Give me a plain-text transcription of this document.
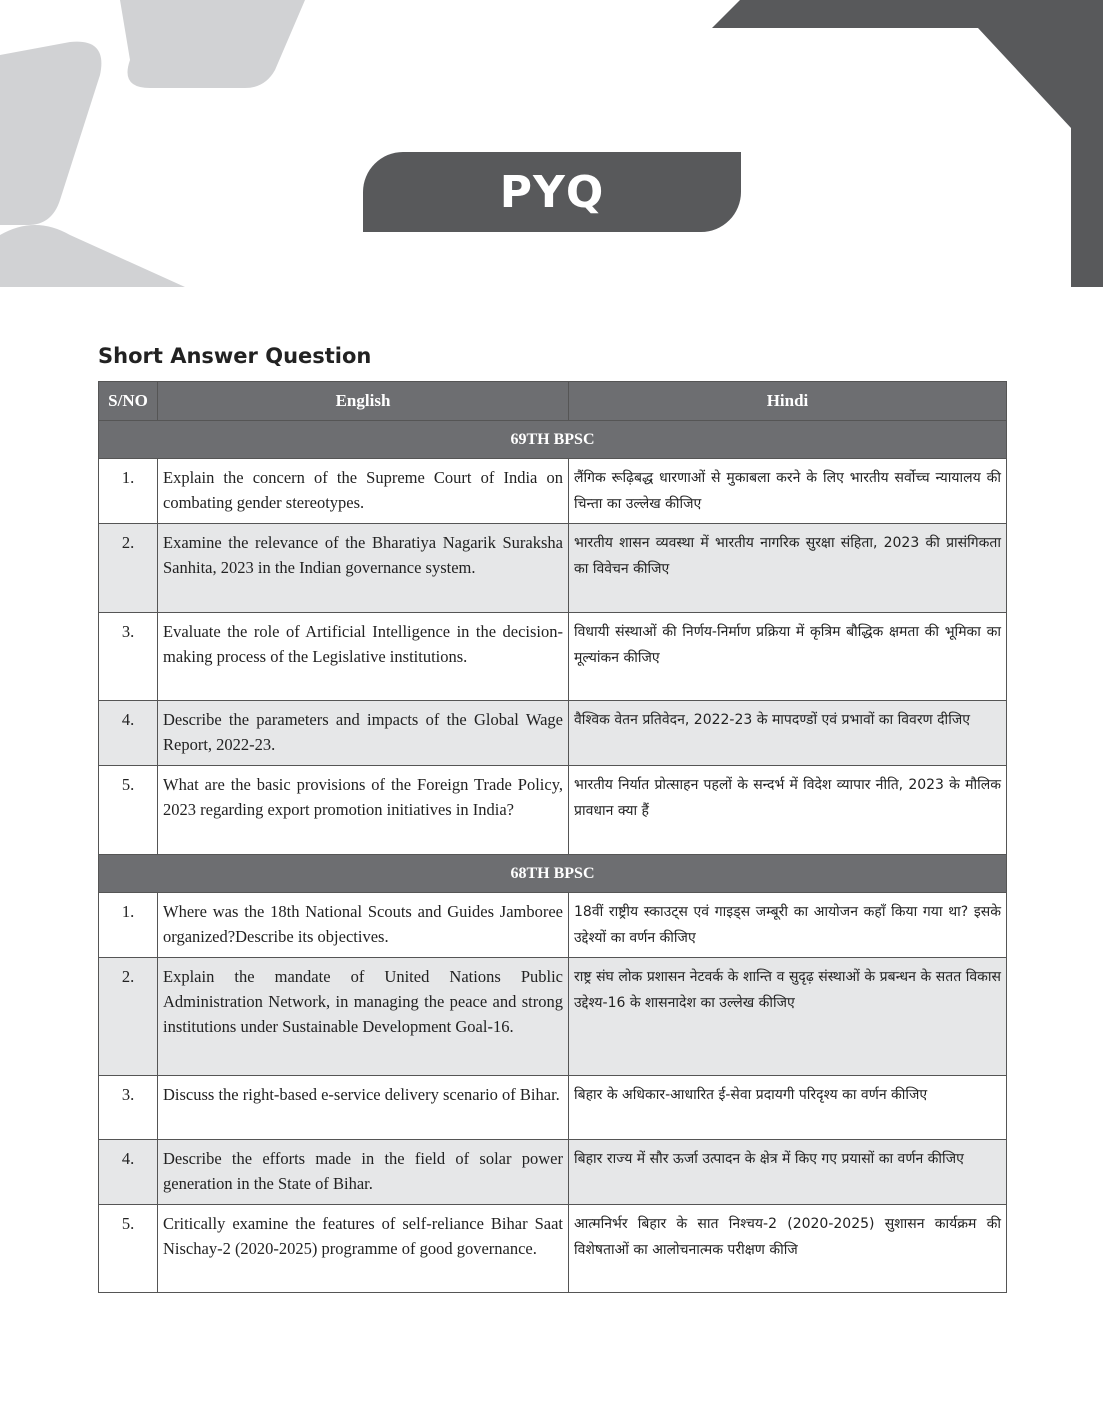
PYQ
Short Answer Question
S/NO	English	Hindi
69TH BPSC		
1.	Explain the concern of the Supreme Court of India on combating gender stereotypes.	लैंगिक रूढ़िबद्ध धारणाओं से मुकाबला करने के लिए भारतीय सर्वोच्च न्यायालय की चिन्ता का उल्लेख कीजिए
2.	Examine the relevance of the Bharatiya Nagarik Suraksha Sanhita, 2023 in the Indian governance system.	भारतीय शासन व्यवस्था में भारतीय नागरिक सुरक्षा संहिता, 2023 की प्रासंगिकता का विवेचन कीजिए
3.	Evaluate the role of Artificial Intelligence in the decision-making process of the Legislative institutions.	विधायी संस्थाओं की निर्णय-निर्माण प्रक्रिया में कृत्रिम बौद्धिक क्षमता की भूमिका का मूल्यांकन कीजिए
4.	Describe the parameters and impacts of the Global Wage Report, 2022-23.	वैश्विक वेतन प्रतिवेदन, 2022-23 के मापदण्डों एवं प्रभावों का विवरण दीजिए
5.	What are the basic provisions of the Foreign Trade Policy, 2023 regarding export promotion initiatives in India?	भारतीय निर्यात प्रोत्साहन पहलों के सन्दर्भ में विदेश व्यापार नीति, 2023 के मौलिक प्रावधान क्या हैं
68TH BPSC		
1.	Where was the 18th National Scouts and Guides Jamboree organized?Describe its objectives.	18वीं राष्ट्रीय स्काउट्स एवं गाइड्स जम्बूरी का आयोजन कहाँ किया गया था? इसके उद्देश्यों का वर्णन कीजिए
2.	Explain the mandate of United Nations Public Administration Network, in managing the peace and strong institutions under Sustainable Development Goal-16.	राष्ट्र संघ लोक प्रशासन नेटवर्क के शान्ति व सुदृढ़ संस्थाओं के प्रबन्धन के सतत विकास उद्देश्य-16 के शासनादेश का उल्लेख कीजिए
3.	Discuss the right-based e-service delivery scenario of Bihar.	बिहार के अधिकार-आधारित ई-सेवा प्रदायगी परिदृश्य का वर्णन कीजिए
4.	Describe the efforts made in the field of solar power generation in the State of Bihar.	बिहार राज्य में सौर ऊर्जा उत्पादन के क्षेत्र में किए गए प्रयासों का वर्णन कीजिए
5.	Critically examine the features of self-reliance Bihar Saat Nischay-2 (2020-2025) programme of good governance.	आत्मनिर्भर बिहार के सात निश्चय-2 (2020-2025) सुशासन कार्यक्रम की विशेषताओं का आलोचनात्मक परीक्षण कीजि
